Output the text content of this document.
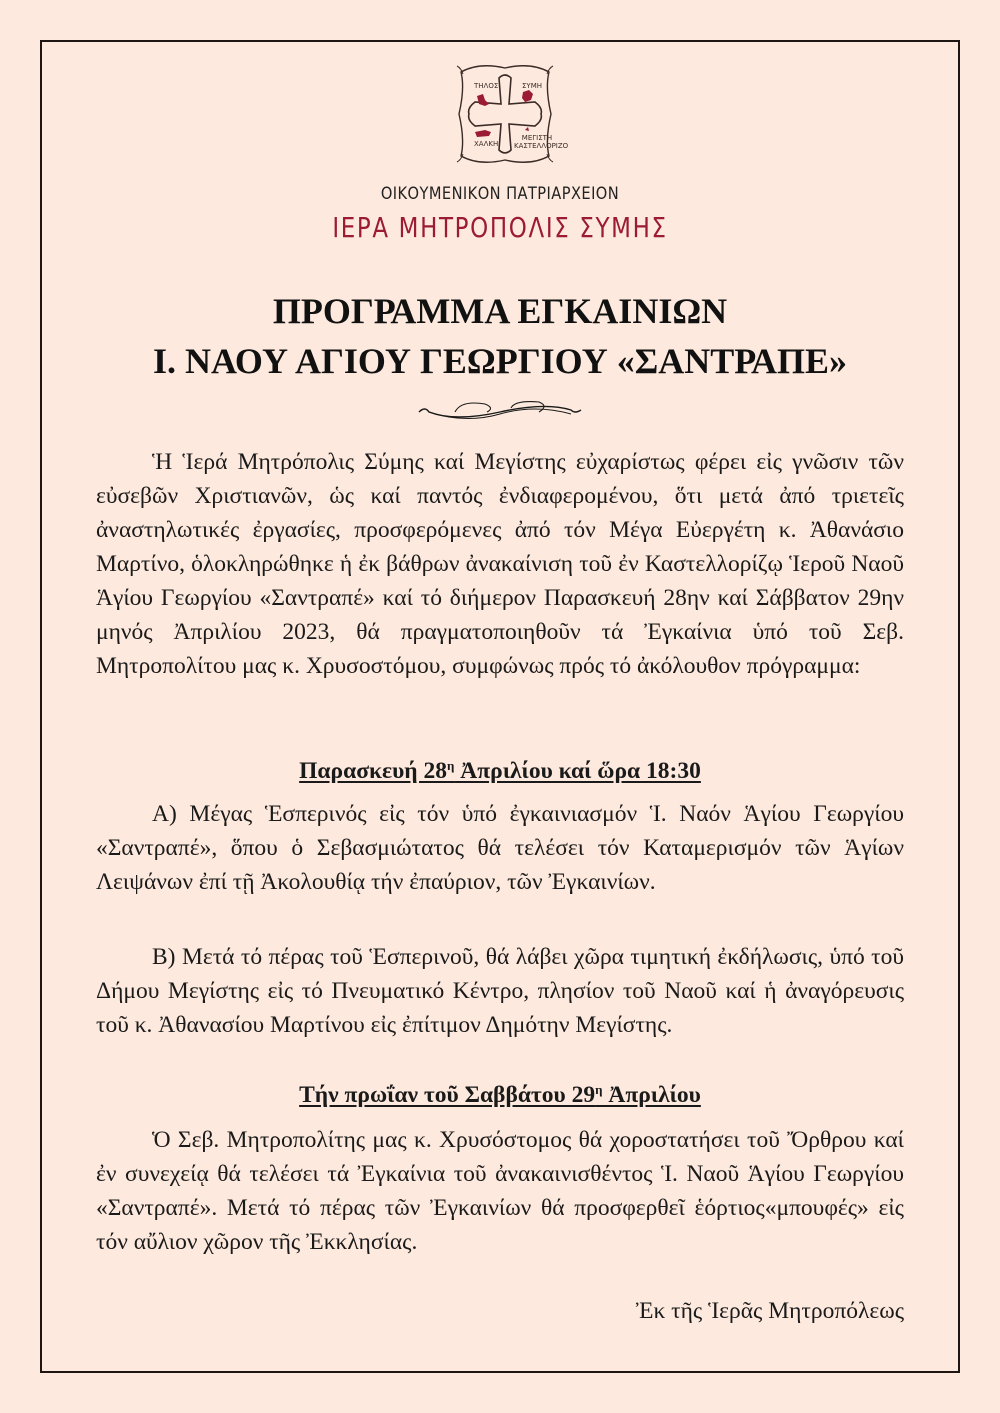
ΤΗΛΟΣ	ΣΥΜΗ
ΧΑΛΚΗ
ΜΕΓΙΣΤΗ ΚΑΣΤΕΛΛΟΡΙΖΟ
ΟΙΚΟΥΜΕΝΙΚΟΝ ΠΑΤΡΙΑΡΧΕΙΟΝ
ΙΕΡΑ ΜΗΤΡΟΠΟΛΙΣ ΣΥΜΗΣ
ΠΡΟΓΡΑΜΜΑ ΕΓΚΑΙΝΙΩΝ
Ι. ΝΑΟΥ ΑΓΙΟΥ ΓΕΩΡΓΙΟΥ «ΣΑΝΤΡΑΠΕ»

Ἡ Ἱερά Μητρόπολις Σύμης καί Μεγίστης εὐχαρίστως φέρει εἰς γνῶσιν τῶν εὐσεβῶν Χριστιανῶν, ὡς καί παντός ἐνδιαφερομένου, ὅτι μετά ἀπό τριετεῖς ἀναστηλωτικές ἐργασίες, προσφερόμενες ἀπό τόν Μέγα Εὐεργέτη κ. Ἀθανάσιο Μαρτίνο, ὁλοκληρώθηκε ἡ ἐκ βάθρων ἀνακαίνιση τοῦ ἐν Καστελλορίζῳ Ἱεροῦ Ναοῦ Ἁγίου Γεωργίου «Σαντραπέ» καί τό διήμερον Παρασκευή 28ην καί Σάββατον 29ην μηνός Ἀπριλίου 2023, θά πραγματοποιηθοῦν τά Ἐγκαίνια ὑπό τοῦ Σεβ. Μητροπολίτου μας κ. Χρυσοστόμου, συμφώνως πρός τό ἀκόλουθον πρόγραμμα:

Παρασκευή $28^\eta$ Ἀπριλίου καί ὥρα 18:30

Α) Μέγας Ἑσπερινός εἰς τόν ὑπό ἐγκαινιασμόν Ἱ. Ναόν Ἁγίου Γεωργίου «Σαντραπέ», ὅπου ὁ Σεβασμιώτατος θά τελέσει τόν Καταμερισμόν τῶν Ἁγίων Λειψάνων ἐπί τῇ Ἀκολουθίᾳ τήν ἐπαύριον, τῶν Ἐγκαινίων.

Β) Μετά τό πέρας τοῦ Ἑσπερινοῦ, θά λάβει χῶρα τιμητική ἐκδήλωσις, ὑπό τοῦ Δήμου Μεγίστης εἰς τό Πνευματικό Κέντρο, πλησίον τοῦ Ναοῦ καί ἡ ἀναγόρευσις τοῦ κ. Ἀθανασίου Μαρτίνου εἰς ἐπίτιμον Δημότην Μεγίστης.

Τήν πρωΐαν τοῦ Σαββάτου $29^\eta$ Ἀπριλίου

Ὁ Σεβ. Μητροπολίτης μας κ. Χρυσόστομος θά χοροστατήσει τοῦ Ὄρθρου καί ἐν συνεχείᾳ θά τελέσει τά Ἐγκαίνια τοῦ ἀνακαινισθέντος Ἱ. Ναοῦ Ἁγίου Γεωργίου «Σαντραπέ». Μετά τό πέρας τῶν Ἐγκαινίων θά προσφερθεῖ ἑόρτιος«μπουφές» εἰς τόν αὔλιον χῶρον τῆς Ἐκκλησίας.

Ἐκ τῆς Ἱερᾶς Μητροπόλεως
